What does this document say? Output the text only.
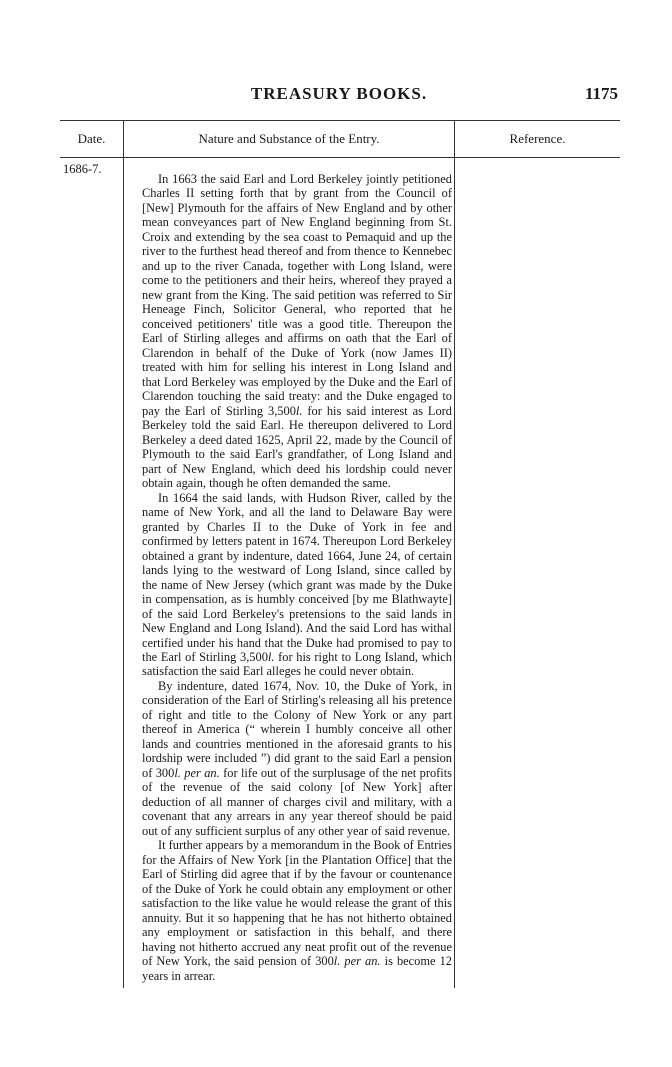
TREASURY BOOKS.	1175
Date.	Nature and Substance of the Entry.	Reference.
1686-7.

In 1663 the said Earl and Lord Berkeley jointly petitioned Charles II setting forth that by grant from the Council of [New] Plymouth for the affairs of New England and by other mean conveyances part of New England beginning from St. Croix and extending by the sea coast to Pemaquid and up the river to the furthest head thereof and from thence to Kennebec and up to the river Canada, together with Long Island, were come to the petitioners and their heirs, whereof they prayed a new grant from the King. The said petition was referred to Sir Heneage Finch, Solicitor General, who reported that he conceived petitioners' title was a good title. Thereupon the Earl of Stirling alleges and affirms on oath that the Earl of Clarendon in behalf of the Duke of York (now James II) treated with him for selling his interest in Long Island and that Lord Berkeley was employed by the Duke and the Earl of Clarendon touching the said treaty: and the Duke engaged to pay the Earl of Stirling 3,500l. for his said interest as Lord Berkeley told the said Earl. He thereupon delivered to Lord Berkeley a deed dated 1625, April 22, made by the Council of Plymouth to the said Earl's grandfather, of Long Island and part of New England, which deed his lordship could never obtain again, though he often demanded the same.

In 1664 the said lands, with Hudson River, called by the name of New York, and all the land to Delaware Bay were granted by Charles II to the Duke of York in fee and confirmed by letters patent in 1674. Thereupon Lord Berkeley obtained a grant by indenture, dated 1664, June 24, of certain lands lying to the westward of Long Island, since called by the name of New Jersey (which grant was made by the Duke in compensation, as is humbly conceived [by me Blathwayte] of the said Lord Berkeley's pretensions to the said lands in New England and Long Island). And the said Lord has withal certified under his hand that the Duke had promised to pay to the Earl of Stirling 3,500l. for his right to Long Island, which satisfaction the said Earl alleges he could never obtain.

By indenture, dated 1674, Nov. 10, the Duke of York, in consideration of the Earl of Stirling's releasing all his pretence of right and title to the Colony of New York or any part thereof in America (“ wherein I humbly conceive all other lands and countries mentioned in the aforesaid grants to his lordship were included ”) did grant to the said Earl a pension of 300l. per an. for life out of the surplusage of the net profits of the revenue of the said colony [of New York] after deduction of all manner of charges civil and military, with a covenant that any arrears in any year thereof should be paid out of any sufficient surplus of any other year of said revenue.

It further appears by a memorandum in the Book of Entries for the Affairs of New York [in the Plantation Office] that the Earl of Stirling did agree that if by the favour or countenance of the Duke of York he could obtain any employment or other satisfaction to the like value he would release the grant of this annuity. But it so happening that he has not hitherto obtained any employment or satisfaction in this behalf, and there having not hitherto accrued any neat profit out of the revenue of New York, the said pension of 300l. per an. is become 12 years in arrear.
